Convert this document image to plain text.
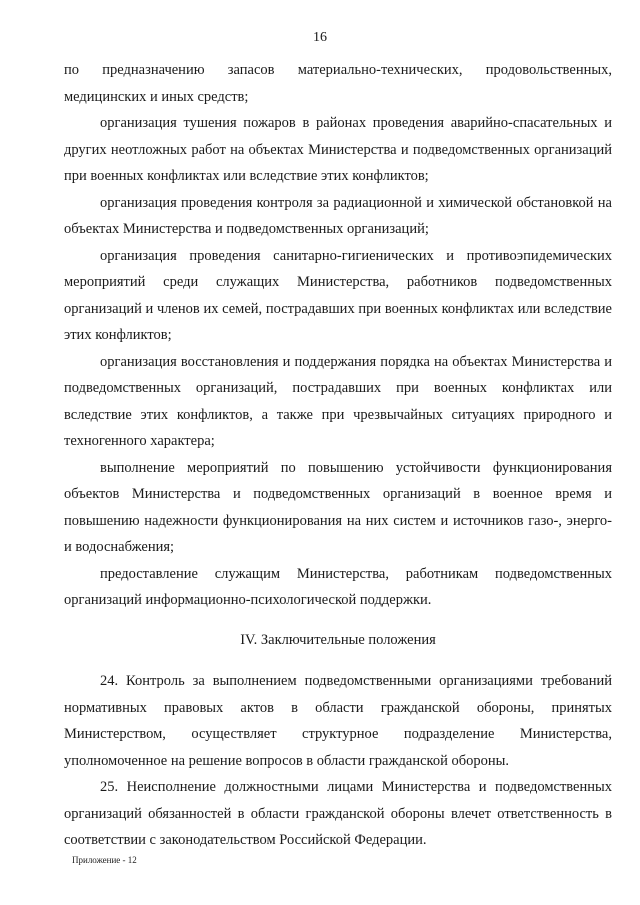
16

по предназначению запасов материально-технических, продовольственных, медицинских и иных средств;

организация тушения пожаров в районах проведения аварийно-спасательных и других неотложных работ на объектах Министерства и подведомственных организаций при военных конфликтах или вследствие этих конфликтов;

организация проведения контроля за радиационной и химической обстановкой на объектах Министерства и подведомственных организаций;

организация проведения санитарно-гигиенических и противоэпидемических мероприятий среди служащих Министерства, работников подведомственных организаций и членов их семей, пострадавших при военных конфликтах или вследствие этих конфликтов;

организация восстановления и поддержания порядка на объектах Министерства и подведомственных организаций, пострадавших при военных конфликтах или вследствие этих конфликтов, а также при чрезвычайных ситуациях природного и техногенного характера;

выполнение мероприятий по повышению устойчивости функционирования объектов Министерства и подведомственных организаций в военное время и повышению надежности функционирования на них систем и источников газо-, энерго- и водоснабжения;

предоставление служащим Министерства, работникам подведомственных организаций информационно-психологической поддержки.

IV. Заключительные положения

24. Контроль за выполнением подведомственными организациями требований нормативных правовых актов в области гражданской обороны, принятых Министерством, осуществляет структурное подразделение Министерства, уполномоченное на решение вопросов в области гражданской обороны.

25. Неисполнение должностными лицами Министерства и подведомственных организаций обязанностей в области гражданской обороны влечет ответственность в соответствии с законодательством Российской Федерации.

Приложение - 12
